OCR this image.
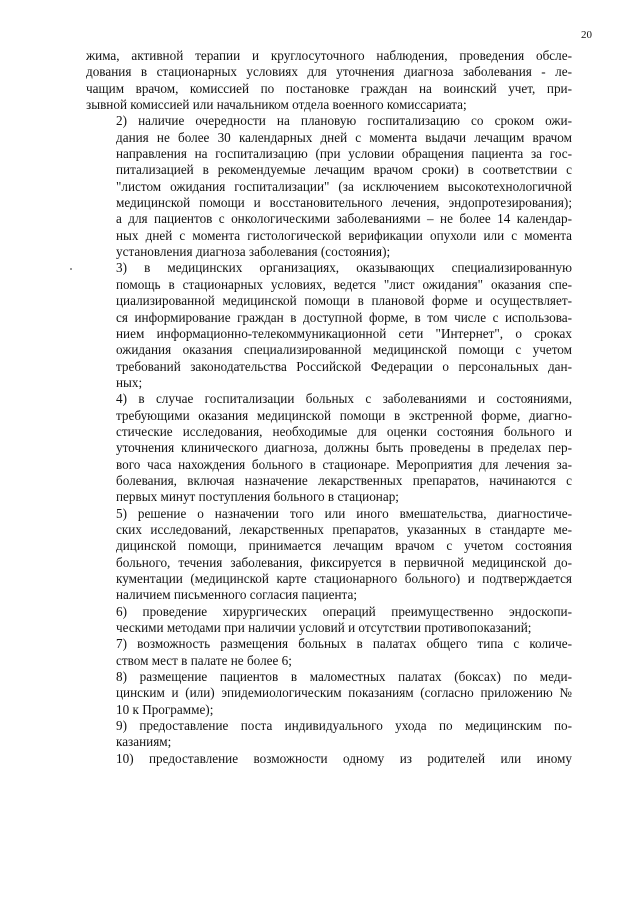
20
жима, активной терапии и круглосуточного наблюдения, проведения обсле-
дования в стационарных условиях для уточнения диагноза заболевания - ле-
чащим врачом, комиссией по постановке граждан на воинский учет, при-
зывной комиссией или начальником отдела военного комиссариата;
2) наличие очередности на плановую госпитализацию со сроком ожи-
дания не более 30 календарных дней с момента выдачи лечащим врачом
направления на госпитализацию (при условии обращения пациента за гос-
питализацией в рекомендуемые лечащим врачом сроки) в соответствии с
"листом ожидания госпитализации" (за исключением высокотехнологичной
медицинской помощи и восстановительного лечения, эндопротезирования);
а для пациентов с онкологическими заболеваниями – не более 14 календар-
ных дней с момента гистологической верификации опухоли или с момента
установления диагноза заболевания (состояния);
3) в медицинских организациях, оказывающих специализированную
помощь в стационарных условиях, ведется "лист ожидания" оказания спе-
циализированной медицинской помощи в плановой форме и осуществляет-
ся информирование граждан в доступной форме, в том числе с использова-
нием информационно-телекоммуникационной сети "Интернет", о сроках
ожидания оказания специализированной медицинской помощи с учетом
требований законодательства Российской Федерации о персональных дан-
ных;
4) в случае госпитализации больных с заболеваниями и состояниями,
требующими оказания медицинской помощи в экстренной форме, диагно-
стические исследования, необходимые для оценки состояния больного и
уточнения клинического диагноза, должны быть проведены в пределах пер-
вого часа нахождения больного в стационаре. Мероприятия для лечения за-
болевания, включая назначение лекарственных препаратов, начинаются с
первых минут поступления больного в стационар;
5) решение о назначении того или иного вмешательства, диагностиче-
ских исследований, лекарственных препаратов, указанных в стандарте ме-
дицинской помощи, принимается лечащим врачом с учетом состояния
больного, течения заболевания, фиксируется в первичной медицинской до-
кументации (медицинской карте стационарного больного) и подтверждается
наличием письменного согласия пациента;
6) проведение хирургических операций преимущественно эндоскопи-
ческими методами при наличии условий и отсутствии противопоказаний;
7) возможность размещения больных в палатах общего типа с количе-
ством мест в палате не более 6;
8) размещение пациентов в маломестных палатах (боксах) по меди-
цинским и (или) эпидемиологическим показаниям (согласно приложению №
10 к Программе);
9) предоставление поста индивидуального ухода по медицинским по-
казаниям;
10) предоставление возможности одному из родителей или иному
